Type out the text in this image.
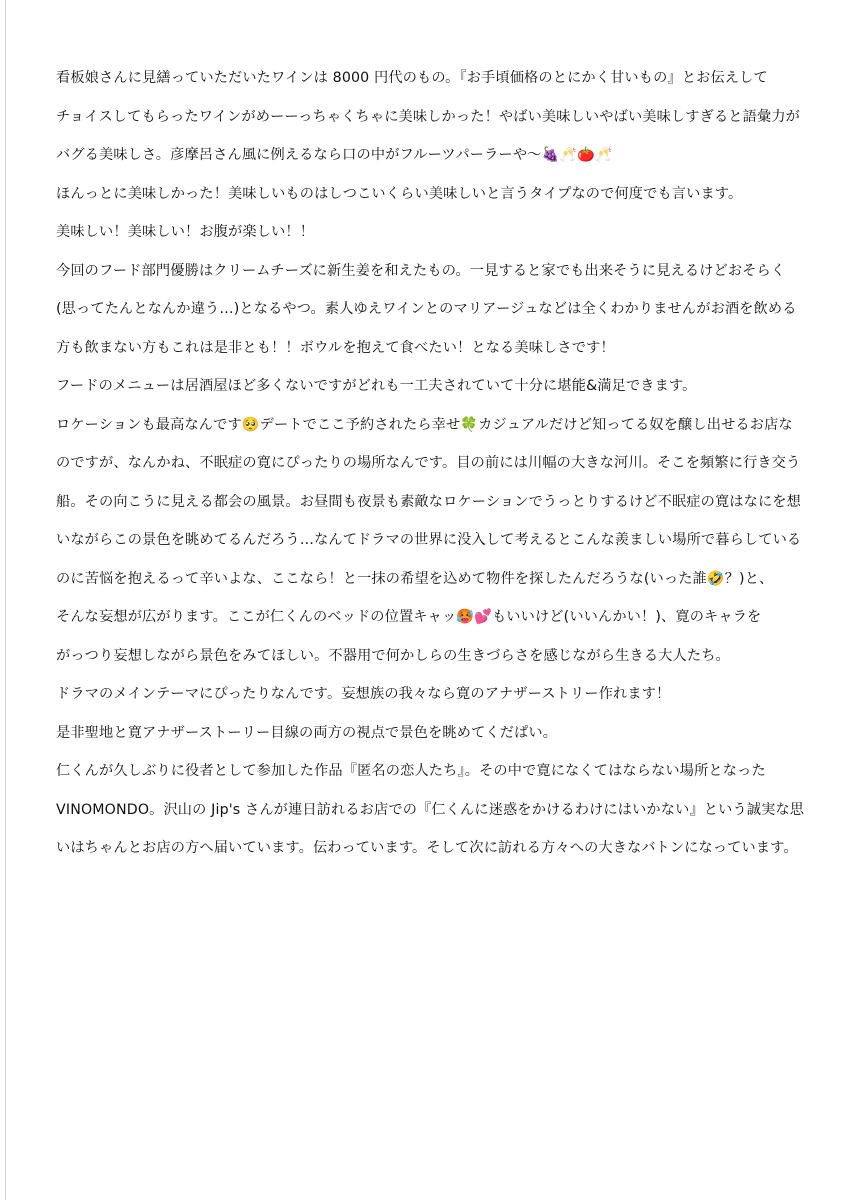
看板娘さんに見繕っていただいたワインは 8000 円代のもの。『お手頃価格のとにかく甘いもの』とお伝えして
チョイスしてもらったワインがめーーっちゃくちゃに美味しかった！やばい美味しいやばい美味しすぎると語彙力が
バグる美味しさ。彦摩呂さん風に例えるなら口の中がフルーツパーラーや〜🍇🥂🍅🥂
ほんっとに美味しかった！美味しいものはしつこいくらい美味しいと言うタイプなので何度でも言います。
美味しい！美味しい！お腹が楽しい！！
今回のフード部門優勝はクリームチーズに新生姜を和えたもの。一見すると家でも出来そうに見えるけどおそらく
(思ってたんとなんか違う…)となるやつ。素人ゆえワインとのマリアージュなどは全くわかりませんがお酒を飲める
方も飲まない方もこれは是非とも！！ボウルを抱えて食べたい！となる美味しさです！
フードのメニューは居酒屋ほど多くないですがどれも一工夫されていて十分に堪能&満足できます。
ロケーションも最高なんです🥺デートでここ予約されたら幸せ🍀カジュアルだけど知ってる奴を醸し出せるお店な
のですが、なんかね、不眠症の寛にぴったりの場所なんです。目の前には川幅の大きな河川。そこを頻繁に行き交う
船。その向こうに見える都会の風景。お昼間も夜景も素敵なロケーションでうっとりするけど不眠症の寛はなにを想
いながらこの景色を眺めてるんだろう…なんてドラマの世界に没入して考えるとこんな羨ましい場所で暮らしている
のに苦悩を抱えるって辛いよな、ここなら！と一抹の希望を込めて物件を探したんだろうな(いった誰🤣？)と、
そんな妄想が広がります。ここが仁くんのベッドの位置キャッ🥵💕もいいけど(いいんかい！)、寛のキャラを
がっつり妄想しながら景色をみてほしい。不器用で何かしらの生きづらさを感じながら生きる大人たち。
ドラマのメインテーマにぴったりなんです。妄想族の我々なら寛のアナザーストリー作れます！
是非聖地と寛アナザーストーリー目線の両方の視点で景色を眺めてくだぱい。
仁くんが久しぶりに役者として参加した作品『匿名の恋人たち』。その中で寛になくてはならない場所となった
VINOMONDO。沢山の Jip's さんが連日訪れるお店での『仁くんに迷惑をかけるわけにはいかない』という誠実な思
いはちゃんとお店の方へ届いています。伝わっています。そして次に訪れる方々への大きなバトンになっています。
